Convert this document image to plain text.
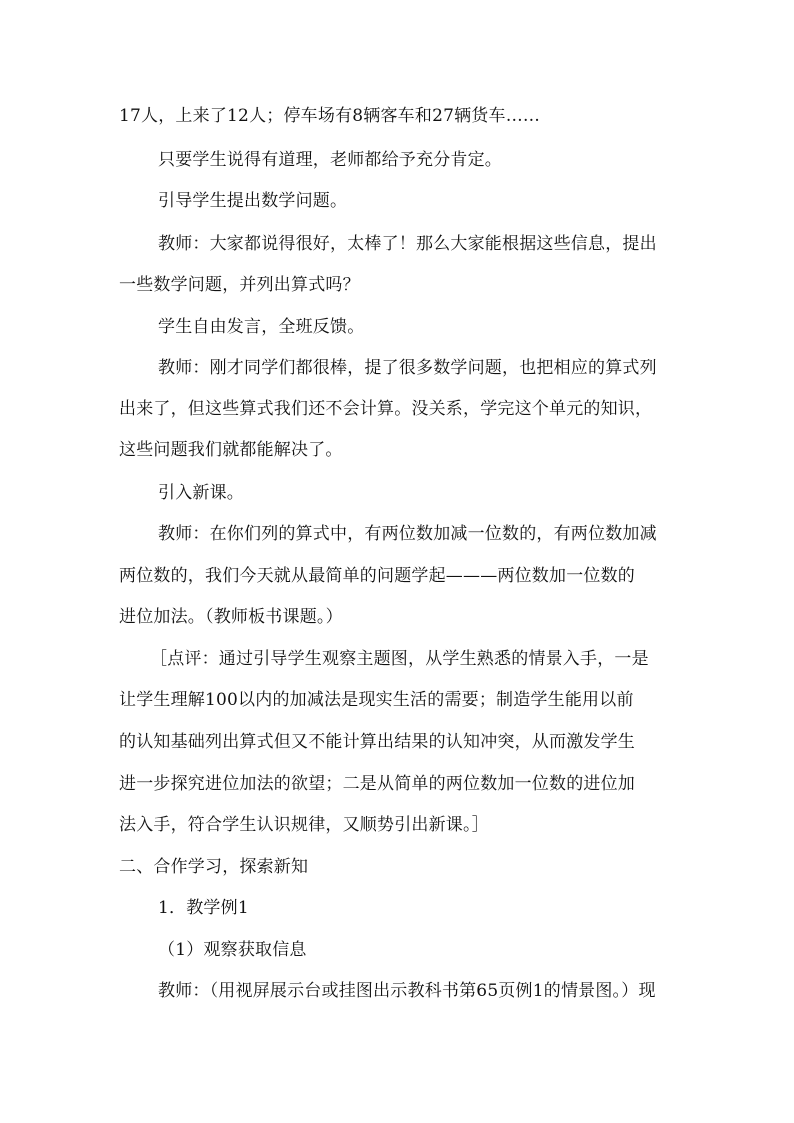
17人，上来了12人；停车场有8辆客车和27辆货车……
只要学生说得有道理，老师都给予充分肯定。
引导学生提出数学问题。
教师：大家都说得很好，太棒了！那么大家能根据这些信息，提出
一些数学问题，并列出算式吗？
学生自由发言，全班反馈。
教师：刚才同学们都很棒，提了很多数学问题，也把相应的算式列
出来了，但这些算式我们还不会计算。没关系，学完这个单元的知识，
这些问题我们就都能解决了。
引入新课。
教师：在你们列的算式中，有两位数加减一位数的，有两位数加减
两位数的，我们今天就从最简单的问题学起———两位数加一位数的
进位加法。（教师板书课题。）
［点评：通过引导学生观察主题图，从学生熟悉的情景入手，一是
让学生理解100以内的加减法是现实生活的需要；制造学生能用以前
的认知基础列出算式但又不能计算出结果的认知冲突，从而激发学生
进一步探究进位加法的欲望；二是从简单的两位数加一位数的进位加
法入手，符合学生认识规律，又顺势引出新课。］
二、合作学习，探索新知
1．教学例1
（1）观察获取信息
教师：（用视屏展示台或挂图出示教科书第65页例1的情景图。）现
